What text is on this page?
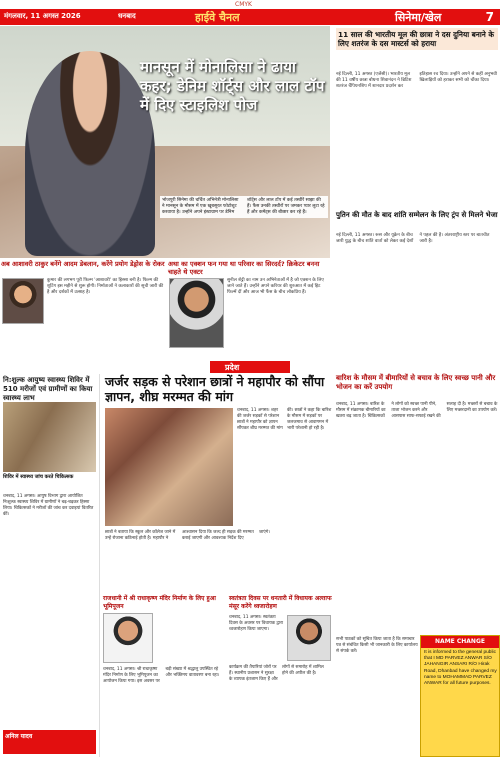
CMYK
मंगलवार, 11 अगस्त 2026	धनबाद	हाईवे चैनल	सिनेमा/खेल	7
मानसून में मोनालिसा ने ढाया कहर; डेनिम शॉर्ट्स और लाल टॉप में दिए स्टाइलिश पोज
भोजपुरी सिनेमा की चर्चित अभिनेत्री मोनालिसा ने मानसून के मौसम में एक खूबसूरत फोटोशूट करवाया है। उन्होंने अपने इंस्टाग्राम पर डेनिम शॉर्ट्स और लाल टॉप में कई तस्वीरें साझा की हैं। फैंस उनकी तस्वीरों पर जमकर प्यार लुटा रहे हैं और कमेंट्स की बौछार कर रहे हैं।
11 साल की भारतीय मूल की छात्रा ने दस दुनिया बनाने के लिए शतरंज के दस मास्टर्स को हराया
नई दिल्ली, 11 अगस्त (एजेंसी)। भारतीय मूल की 11 वर्षीय छात्रा बोधना शिवानंदन ने ब्रिटिश शतरंज चैंपियनशिप में शानदार प्रदर्शन कर इतिहास रच दिया। उन्होंने अपने से कहीं अनुभवी खिलाड़ियों को हराकर सभी को चौंका दिया।
पुतिन की मौत के बाद शांति सम्मेलन के लिए ट्रंप से मिलने भेजा
नई दिल्ली, 11 अगस्त। रूस और यूक्रेन के बीच जारी युद्ध के बीच शांति वार्ता को लेकर कई देशों ने पहल की है। अंतरराष्ट्रीय स्तर पर बातचीत जारी है।
अब आशावरी ठाकुर बनेंगे आदम डेबलान, करेंगे प्रयोग डेड्रोस के रोकर
कुमार की लगभग पूरी फिल्म 'आशावरी' का हिस्सा बनी है। फिल्म की शूटिंग इस महीने से शुरू होगी। निर्माताओं ने कलाकारों की सूची जारी की है और दर्शकों में उत्साह है।
अथा का एक्शन फन गया था परिवार का सिरदर्द? क्रिकेटर बनना चाहते थे एक्टर
सुनील शेट्टी का नाम उन अभिनेताओं में है जो एक्शन के लिए जाने जाते हैं। उन्होंने अपने करियर की शुरुआत में कई हिट फिल्में दीं और आज भी फैंस के बीच लोकप्रिय हैं।
प्रदेश
नि:शुल्क आयुष्य स्वास्थ्य शिविर में 510 मरीजों एवं ग्रामीणों का किया स्वास्थ्य लाभ
शिविर में स्वास्थ्य जांच करते चिकित्सक
धनबाद, 11 अगस्त। आयुष विभाग द्वारा आयोजित निःशुल्क स्वास्थ्य शिविर में ग्रामीणों ने बढ़-चढ़कर हिस्सा लिया। चिकित्सकों ने मरीजों की जांच कर दवाइयां वितरित कीं।
अनिल यादव
जर्जर सड़क से परेशान छात्रों ने महापौर को सौंपा ज्ञापन, शीघ्र मरम्मत की मांग
धनबाद, 11 अगस्त। शहर की जर्जर सड़कों से परेशान छात्रों ने महापौर को ज्ञापन सौंपकर शीघ्र मरम्मत की मांग की। छात्रों ने कहा कि बारिश के मौसम में सड़कों पर जलजमाव से आवागमन में भारी परेशानी हो रही है।
छात्रों ने बताया कि स्कूल और कॉलेज जाने में उन्हें रोजाना कठिनाई होती है। महापौर ने आश्वासन दिया कि जल्द ही सड़क की मरम्मत कराई जाएगी और आवश्यक निर्देश दिए जाएंगे।
राजधानी में श्री राधाकृष्ण मंदिर निर्माण के लिए हुआ भूमिपूजन
धनबाद, 11 अगस्त। श्री राधाकृष्ण मंदिर निर्माण के लिए भूमिपूजन का आयोजन किया गया। इस अवसर पर बड़ी संख्या में श्रद्धालु उपस्थित रहे और भक्तिमय वातावरण बना रहा।
स्वतंत्रता दिवस पर धनतारी में विधायक अल्ताफ मंसूर करेंगे ध्वजारोहण
धनबाद, 11 अगस्त। स्वतंत्रता दिवस के अवसर पर विधायक द्वारा ध्वजारोहण किया जाएगा।
कार्यक्रम की तैयारियां जोरों पर हैं। स्थानीय प्रशासन ने सुरक्षा के व्यापक इंतजाम किए हैं और लोगों से समारोह में शामिल होने की अपील की है।
बारिश के मौसम में बीमारियों से बचाव के लिए स्वच्छ पानी और भोजन का करें उपयोग
धनबाद, 11 अगस्त। बारिश के मौसम में संक्रामक बीमारियों का खतरा बढ़ जाता है। चिकित्सकों ने लोगों को स्वच्छ पानी पीने, ताजा भोजन करने और आसपास साफ-सफाई रखने की सलाह दी है। मच्छरों से बचाव के लिए मच्छरदानी का उपयोग करें।
सभी पाठकों को सूचित किया जाता है कि समाचार पत्र से संबंधित किसी भी जानकारी के लिए कार्यालय से संपर्क करें।
NAME CHANGE
It is informed to the general public that I MD PARVEZ ANWAR S/O JAHANGIR ANSARI R/O Hirak Road, Dhanbad have changed my name to MOHAMMAD PARVEZ ANWAR for all future purposes.
